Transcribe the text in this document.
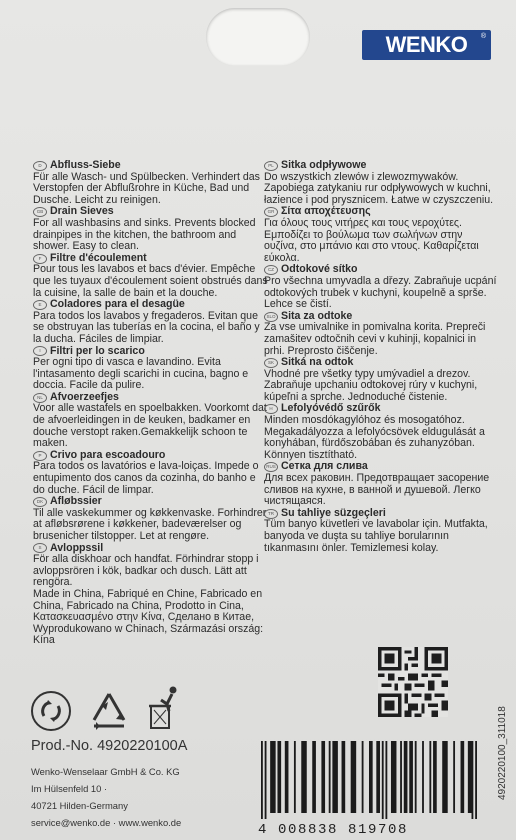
WENKO ®
D Abfluss-Siebe
Für alle Wasch- und Spülbecken. Verhindert das Verstopfen der Abflußrohre in Küche, Bad und Dusche. Leicht zu reinigen.
GB Drain Sieves
For all washbasins and sinks. Prevents blocked drainpipes in the kitchen, the bathroom and shower. Easy to clean.
F Filtre d'écoulement
Pour tous les lavabos et bacs d'évier. Empêche que les tuyaux d'écoulement soient obstrués dans la cuisine, la salle de bain et la douche.
E Coladores para el desagüe
Para todos los lavabos y fregaderos. Evitan que se obstruyan las tuberías en la cocina, el baño y la ducha. Fáciles de limpiar.
I Filtri per lo scarico
Per ogni tipo di vasca e lavandino. Evita l'intasamento degli scarichi in cucina, bagno e doccia. Facile da pulire.
NL Afvoerzeefjes
Voor alle wastafels en spoelbakken. Voorkomt dat de afvoerleidingen in de keuken, badkamer en douche verstopt raken.Gemakkelijk schoon te maken.
P Crivo para escoadouro
Para todos os lavatórios e lava-loiças. Impede o entupimento dos canos da cozinha, do banho e do duche. Fácil de limpar.
DK Afløbssier
Til alle vaskekummer og køkkenvaske. Forhindrer at afløbsrørene i køkkener, badeværelser og brusenicher tilstopper. Let at rengøre.
S Avloppssil
För alla diskhoar och handfat. Förhindrar stopp i avloppsrören i kök, badkar och dusch. Lätt att rengöra.
Made in China, Fabriqué en Chine, Fabricado en China, Fabricado na China, Prodotto in Cina, Κατασκευασμένο στην Κίνα, Сделано в Китае, Wyprodukowano w Chinach, Származási ország: Kína
PL Sitka odpływowe
Do wszystkich zlewów i zlewozmywaków. Zapobiega zatykaniu rur odpływowych w kuchni, łazience i pod prysznicem. Łatwe w czyszczeniu.
GR Σίτα αποχέτευσης
Για όλους τους νιτήρες και τους νεροχύτες. Εμποδίζει το βούλωμα των σωλήνων στην ουζίνα, στο μπάνιο και στο ντους. Καθαρίζεται εύκολα.
CZ Odtokové sítko
Pro všechna umyvadla a dřezy. Zabraňuje ucpání odtokových trubek v kuchyni, koupelně a sprše. Lehce se čistí.
SLO Sita za odtoke
Za vse umivalnike in pomivalna korita. Prepreči zamašitev odtočnih cevi v kuhinji, kopalnici in prhi. Preprosto čiščenje.
SK Sitká na odtok
Vhodné pre všetky typy umývadiel a drezov. Zabraňuje upchaniu odtokovej rúry v kuchyni, kúpeľni a sprche. Jednoduché čistenie.
H Lefolyóvédő szűrők
Minden mosdókagylóhoz és mosogatóhoz. Megakadályozza a lefolyócsövek eldugulását a konyhában, fürdőszobában és zuhanyzóban. Könnyen tisztítható.
RUS Сетка для слива
Для всех раковин. Предотвращает засорение сливов на кухне, в ванной и душевой. Легко чистящаяся.
TR Su tahliye süzgeçleri
Tüm banyo küvetleri ve lavabolar için. Mutfakta, banyoda ve duşta su tahliye borularının tıkanmasını önler. Temizlemesi kolay.
Prod.-No. 4920220100A
Wenko-Wenselaar GmbH & Co. KG
Im Hülsenfeld 10 ·
40721 Hilden-Germany
service@wenko.de · www.wenko.de	4 008838 819708
4920220100_311018
